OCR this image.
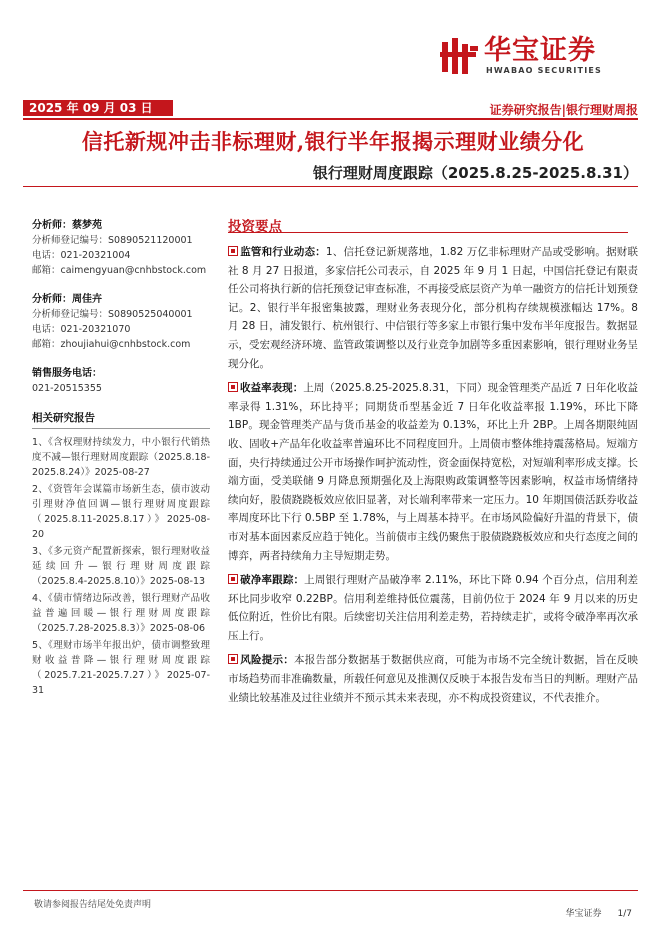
华宝证券
HWABAO SECURITIES
2025 年 09 月 03 日	证券研究报告|银行理财周报
信托新规冲击非标理财,银行半年报揭示理财业绩分化
银行理财周度跟踪（2025.8.25-2025.8.31）
分析师：蔡梦苑
分析师登记编号：S0890521120001
电话：021-20321004
邮箱：caimengyuan@cnhbstock.com
分析师：周佳卉
分析师登记编号：S0890525040001
电话：021-20321070
邮箱：zhoujiahui@cnhbstock.com
销售服务电话：
021-20515355
相关研究报告
1、《含权理财持续发力，中小银行代销热度不减—银行理财周度跟踪（2025.8.18-2025.8.24）》2025-08-27
2、《资管年会谋篇市场新生态，债市波动引理财净值回调—银行理财周度跟踪（2025.8.11-2025.8.17）》2025-08-20
3、《多元资产配置新探索，银行理财收益延续回升—银行理财周度跟踪（2025.8.4-2025.8.10）》2025-08-13
4、《债市情绪边际改善，银行理财产品收益普遍回暖—银行理财周度跟踪（2025.7.28-2025.8.3）》2025-08-06
5、《理财市场半年报出炉，债市调整致理财收益普降—银行理财周度跟踪（2025.7.21-2025.7.27）》2025-07-31
投资要点

监管和行业动态：1、信托登记新规落地，1.82 万亿非标理财产品或受影响。据财联社 8 月 27 日报道，多家信托公司表示，自 2025 年 9 月 1 日起，中国信托登记有限责任公司将执行新的信托预登记审查标准，不再接受底层资产为单一融资方的信托计划预登记。2、银行半年报密集披露，理财业务表现分化，部分机构存续规模涨幅达 17%。8 月 28 日，浦发银行、杭州银行、中信银行等多家上市银行集中发布半年度报告。数据显示，受宏观经济环境、监管政策调整以及行业竞争加剧等多重因素影响，银行理财业务呈现分化。

收益率表现：上周（2025.8.25-2025.8.31，下同）现金管理类产品近 7 日年化收益率录得 1.31%，环比持平；同期货币型基金近 7 日年化收益率报 1.19%，环比下降 1BP。现金管理类产品与货币基金的收益差为 0.13%，环比上升 2BP。上周各期限纯固收、固收+产品年化收益率普遍环比不同程度回升。上周债市整体维持震荡格局。短端方面，央行持续通过公开市场操作呵护流动性，资金面保持宽松，对短端利率形成支撑。长端方面，受美联储 9 月降息预期强化及上海限购政策调整等因素影响，权益市场情绪持续向好，股债跷跷板效应依旧显著，对长端利率带来一定压力。10 年期国债活跃券收益率周度环比下行 0.5BP 至 1.78%，与上周基本持平。在市场风险偏好升温的背景下，债市对基本面因素反应趋于钝化。当前债市主线仍聚焦于股债跷跷板效应和央行态度之间的博弈，两者持续角力主导短期走势。

破净率跟踪：上周银行理财产品破净率 2.11%，环比下降 0.94 个百分点，信用利差环比同步收窄 0.22BP。信用利差维持低位震荡，目前仍位于 2024 年 9 月以来的历史低位附近，性价比有限。后续密切关注信用利差走势，若持续走扩，或将令破净率再次承压上行。

风险提示：本报告部分数据基于数据供应商，可能为市场不完全统计数据，旨在反映市场趋势而非准确数量，所载任何意见及推测仅反映于本报告发布当日的判断。理财产品业绩比较基准及过往业绩并不预示其未来表现，亦不构成投资建议，不代表推介。

敬请参阅报告结尾处免责声明
华宝证券 1/7
